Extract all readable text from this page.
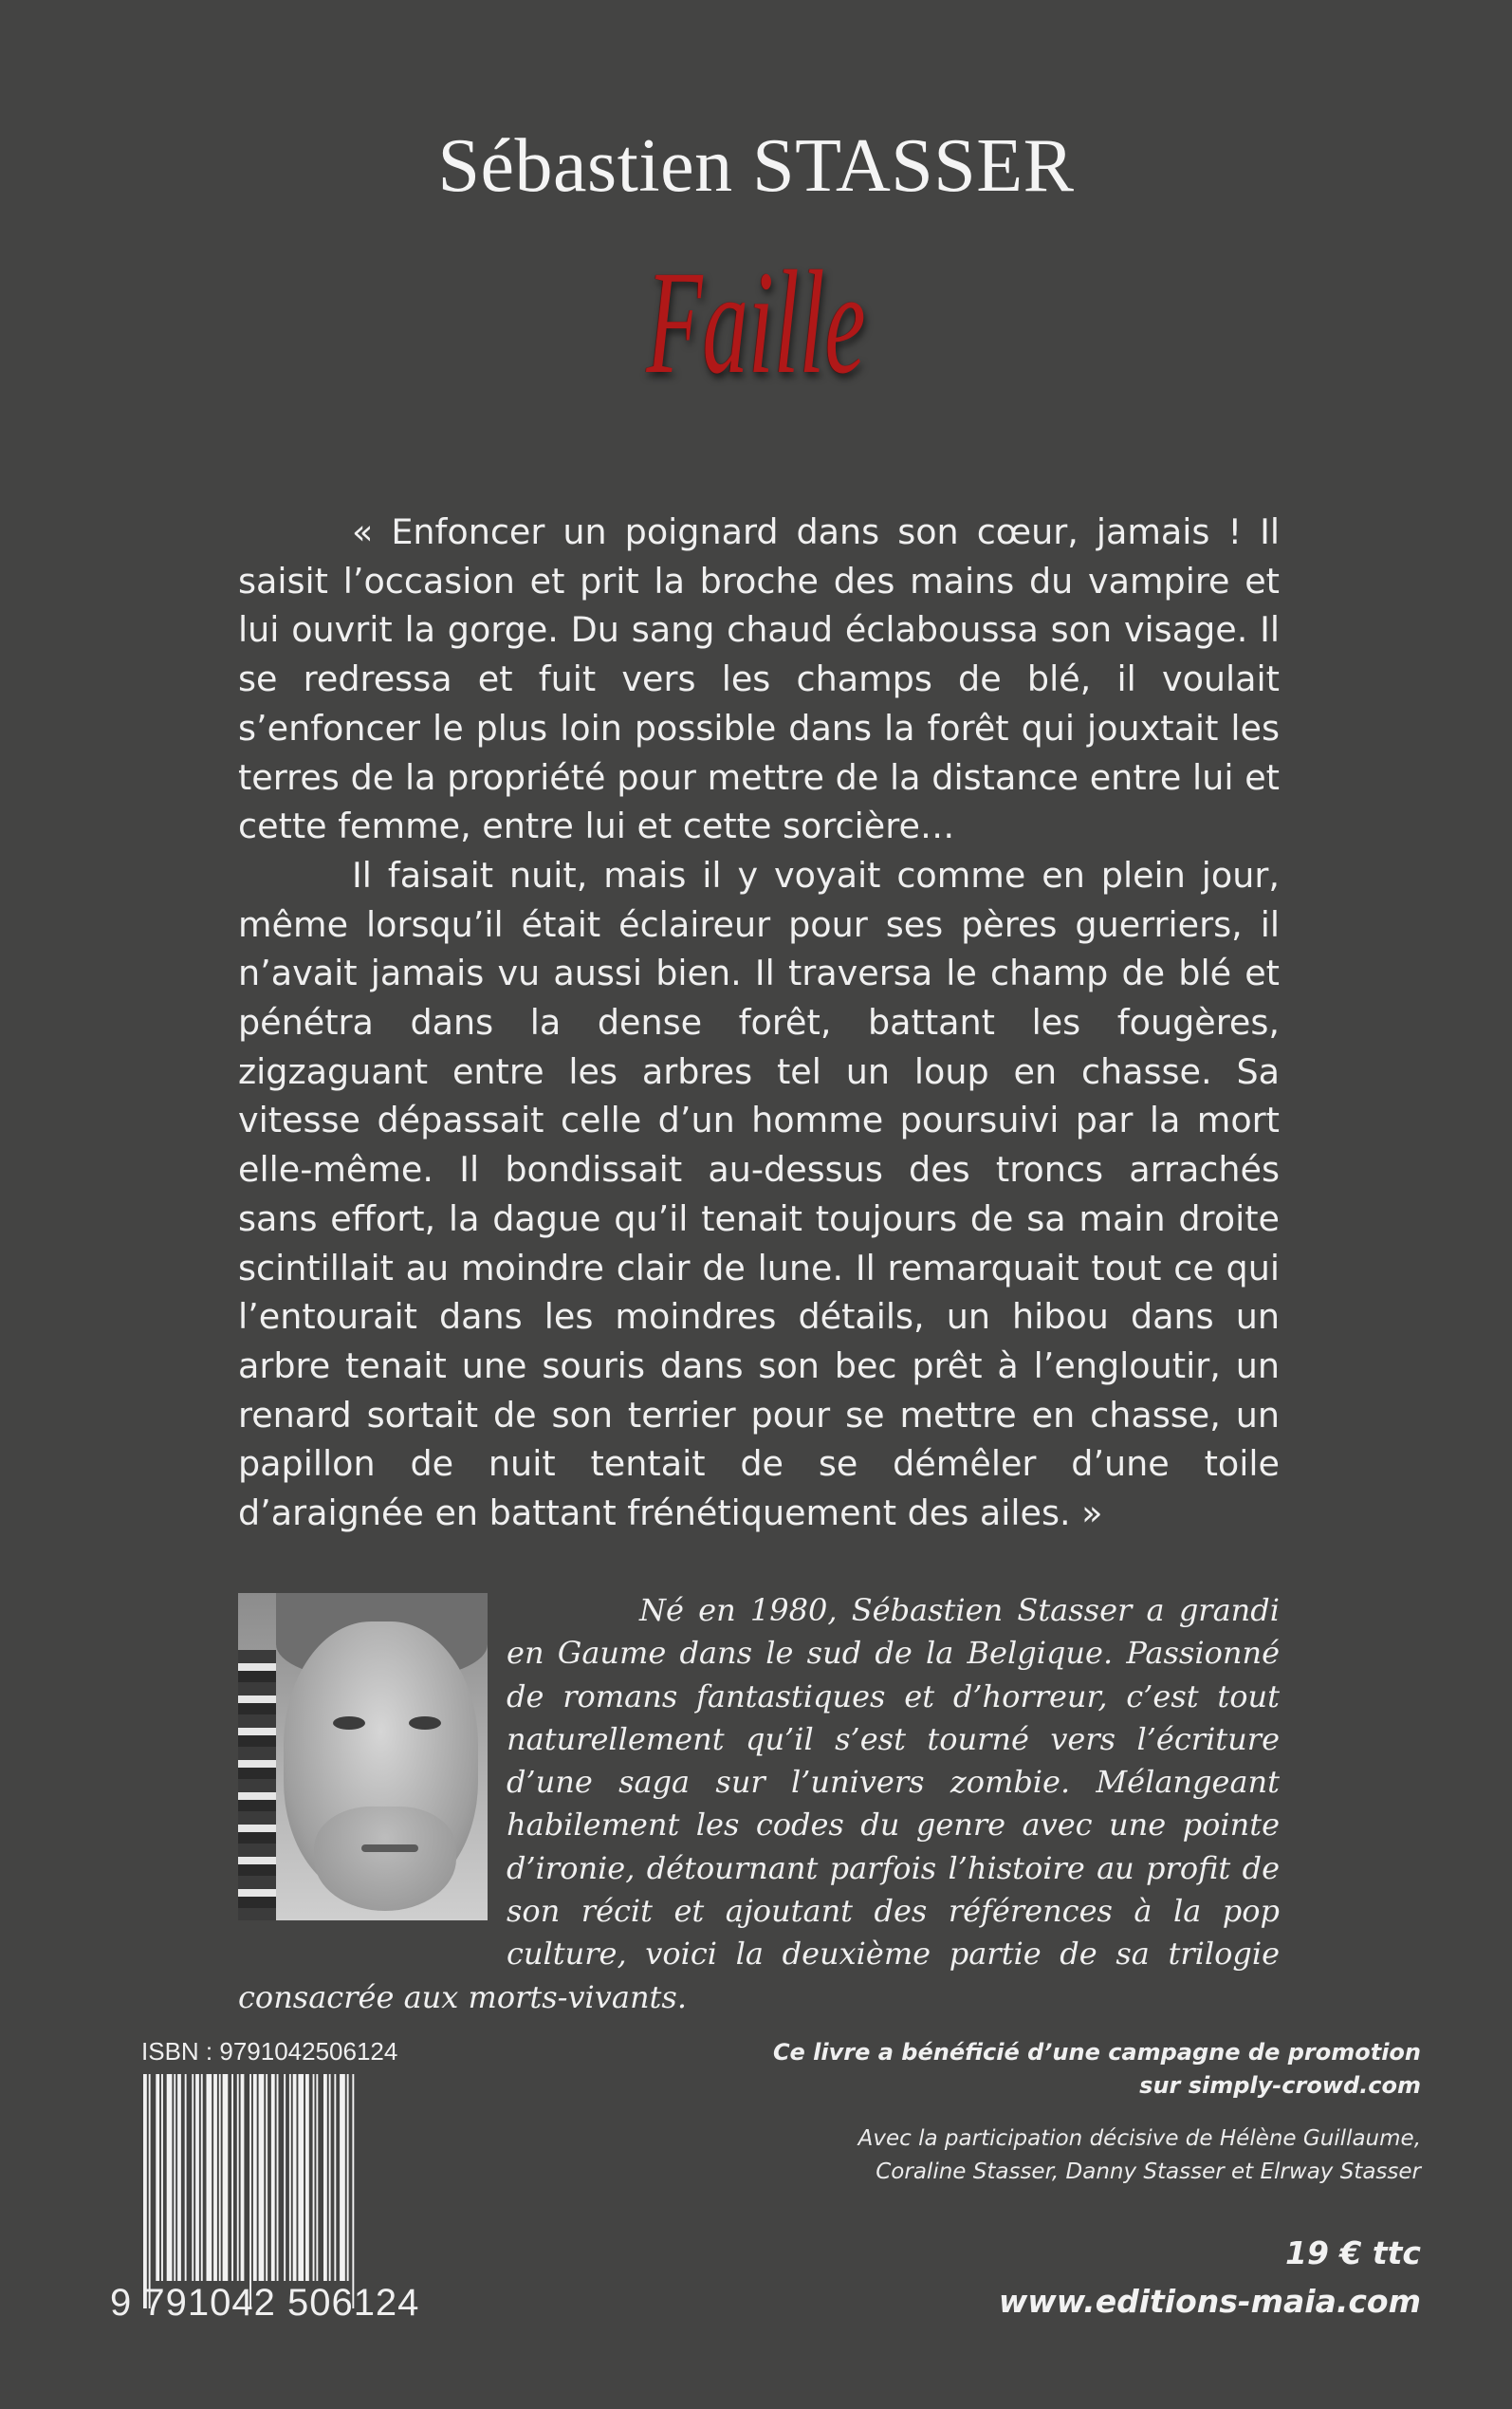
Sébastien STASSER
Faille

« Enfoncer un poignard dans son cœur, jamais ! Il saisit l’occasion et prit la broche des mains du vampire et lui ouvrit la gorge. Du sang chaud éclaboussa son visage. Il se redressa et fuit vers les champs de blé, il voulait s’enfoncer le plus loin possible dans la forêt qui jouxtait les terres de la propriété pour mettre de la distance entre lui et cette femme, entre lui et cette sorcière…

Il faisait nuit, mais il y voyait comme en plein jour, même lorsqu’il était éclaireur pour ses pères guerriers, il n’avait jamais vu aussi bien. Il traversa le champ de blé et pénétra dans la dense forêt, battant les fougères, zigzaguant entre les arbres tel un loup en chasse. Sa vitesse dépassait celle d’un homme poursuivi par la mort elle-même. Il bondissait au-dessus des troncs arrachés sans effort, la dague qu’il tenait toujours de sa main droite scintillait au moindre clair de lune. Il remarquait tout ce qui l’entourait dans les moindres détails, un hibou dans un arbre tenait une souris dans son bec prêt à l’engloutir, un renard sortait de son terrier pour se mettre en chasse, un papillon de nuit tentait de se démêler d’une toile d’araignée en battant frénétiquement des ailes. »

Né en 1980, Sébastien Stasser a grandi en Gaume dans le sud de la Belgique. Passionné de romans fantastiques et d’horreur, c’est tout naturellement qu’il s’est tourné vers l’écriture d’une saga sur l’univers zombie. Mélangeant habilement les codes du genre avec une pointe d’ironie, détournant parfois l’histoire au profit de son récit et ajoutant des références à la pop culture, voici la deuxième partie de sa trilogie consacrée aux morts-vivants.
ISBN : 9791042506124
9 791042 506124
Ce livre a bénéficié d’une campagne de promotion
sur simply-crowd.com
Avec la participation décisive de Hélène Guillaume,
Coraline Stasser, Danny Stasser et Elrway Stasser
19 € ttc
www.editions-maia.com
